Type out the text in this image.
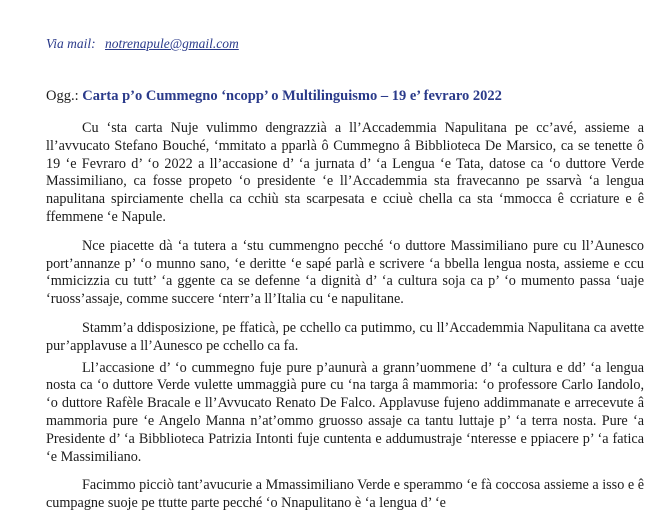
Via mail: notrenapule@gmail.com
Ogg.: Carta p’o Cummegno ‘ncopp’ o Multilinguismo – 19 e’ fevraro 2022

Cu ‘sta carta Nuje vulimmo dengrazzià a ll’Accademmia Napulitana pe cc’avé, assieme a ll’avvucato Stefano Bouché, ‘mmitato a pparlà ô Cummegno â Bibblioteca De Marsico, ca se tenette ô 19 ‘e Fevraro d’ ‘o 2022 a ll’accasione d’ ‘a jurnata d’ ‘a Lengua ‘e Tata, datose ca ‘o duttore Verde Massimiliano, ca fosse propeto ‘o presidente ‘e ll’Accademmia sta fravecanno pe ssarvà ‘a lengua napulitana spirciamente chella ca cchiù sta scarpesata e cciuè chella ca sta ‘mmocca ê ccriature e ê ffemmene ‘e Napule.

Nce piacette dà ‘a tutera a ‘stu cummengno pecché ‘o duttore Massimiliano pure cu ll’Aunesco port’annanze p’ ‘o munno sano, ‘e deritte ‘e sapé parlà e scrivere ‘a bbella lengua nosta, assieme e ccu ‘mmicizzia cu tutt’ ‘a ggente ca se defenne ‘a dignità d’ ‘a cultura soja ca p’ ‘o mumento passa ‘uaje ‘ruoss’assaje, comme succere ‘nterr’a ll’Italia cu ‘e napulitane.

Stamm’a ddisposizione, pe ffaticà, pe cchello ca putimmo, cu ll’Accademmia Napulitana ca avette pur’applavuse a ll’Aunesco pe cchello ca fa.

Ll’accasione d’ ‘o cummegno fuje pure p’aunurà a grann’uommene d’ ‘a cultura e dd’ ‘a lengua nosta ca ‘o duttore Verde vulette ummaggià pure cu ‘na targa â mammoria: ‘o professore Carlo Iandolo, ‘o duttore Rafèle Bracale e ll’Avvucato Renato De Falco. Applavuse fujeno addimmanate e arrecevute â mammoria pure ‘e Angelo Manna n’at’ommo gruosso assaje ca tantu luttaje p’ ‘a terra nosta. Pure ‘a Presidente d’ ‘a Bibblioteca Patrizia Intonti fuje cuntenta e addumustraje ‘nteresse e ppiacere p’ ‘a fatica ‘e Massimiliano.

Facimmo picciò tant’avucurie a Mmassimiliano Verde e sperammo ‘e fà coccosa assieme a isso e ê cumpagne suoje pe ttutte parte pecché ‘o Nnapulitano è ‘a lengua d’ ‘e
